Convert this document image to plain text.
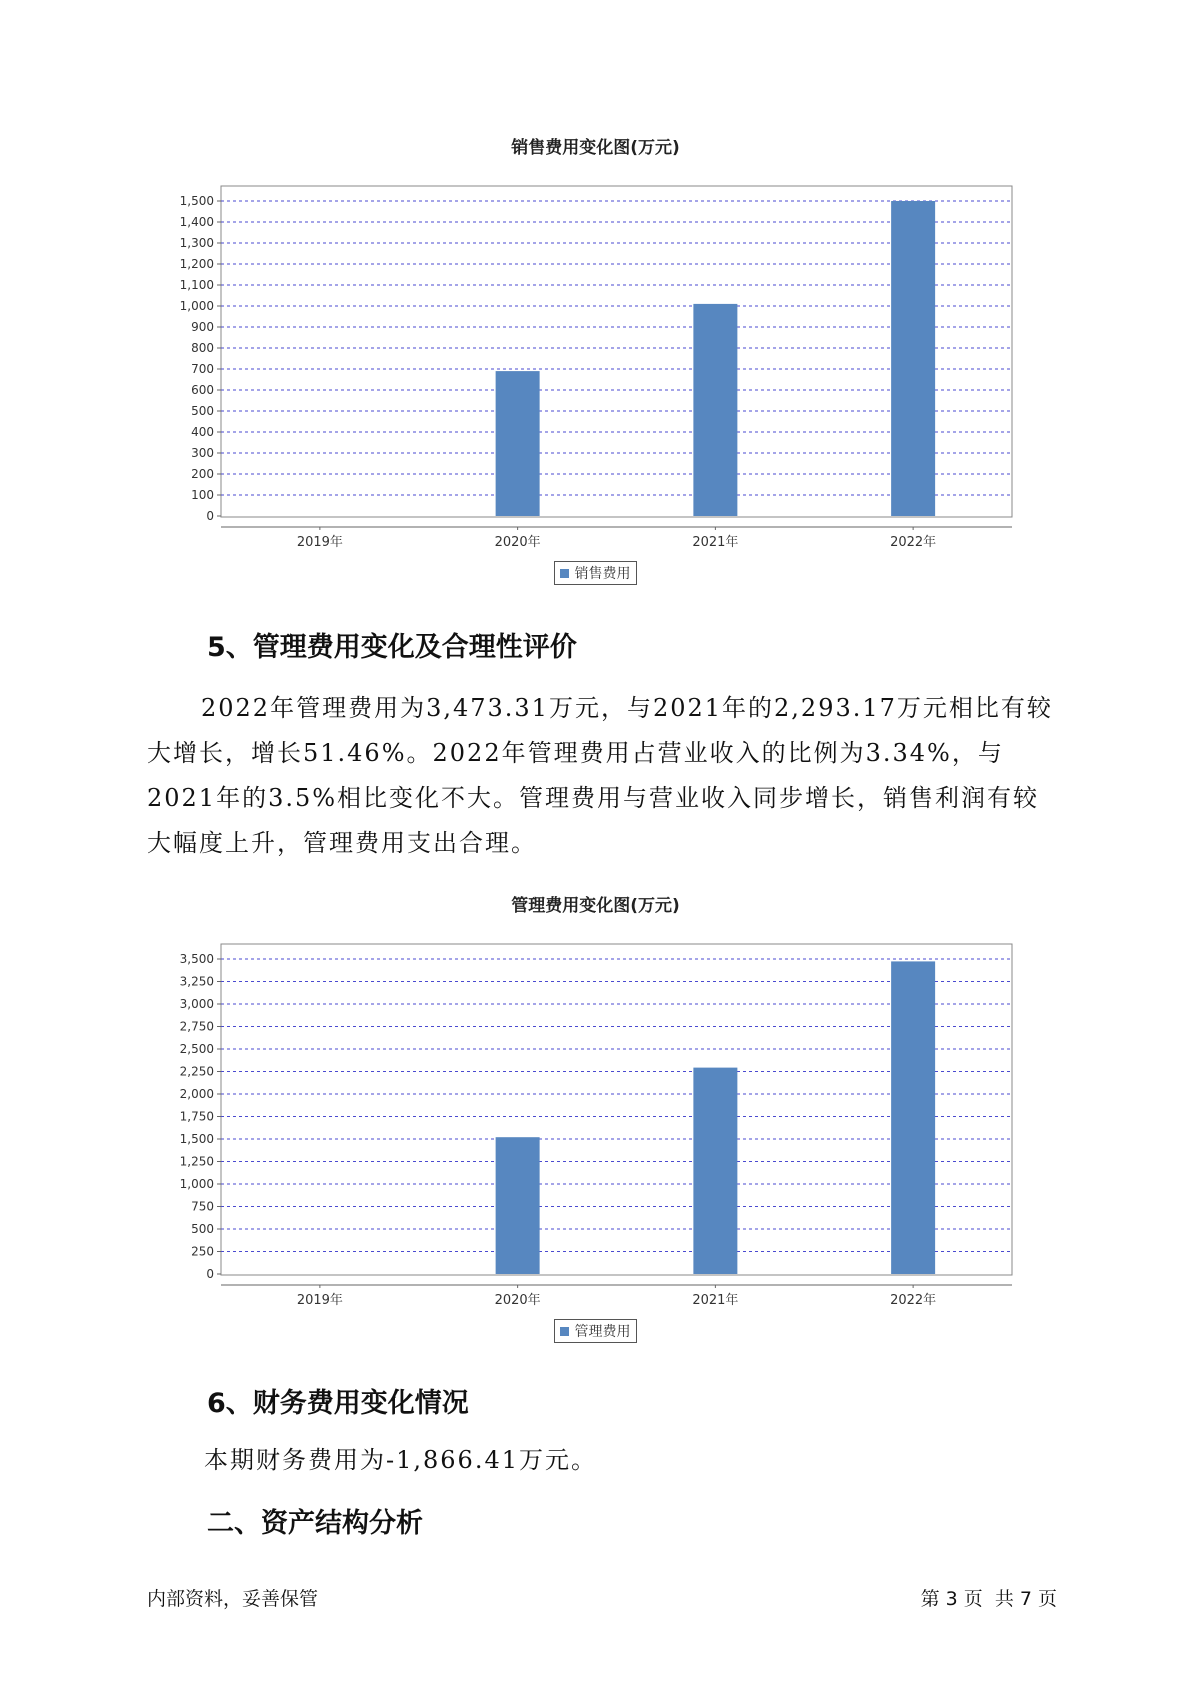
销售费用变化图(万元)
0
100
200
300
400
500
600
700
800
900
1,000
1,100
1,200
1,300
1,400
1,500
2019年	2020年	2021年	2022年
销售费用
5、管理费用变化及合理性评价

2022年管理费用为3,473.31万元，与2021年的2,293.17万元相比有较大增长，增长51.46%。2022年管理费用占营业收入的比例为3.34%，与2021年的3.5%相比变化不大。管理费用与营业收入同步增长，销售利润有较大幅度上升，管理费用支出合理。

管理费用变化图(万元)
0
250
500
750
1,000
1,250
1,500
1,750
2,000
2,250
2,500
2,750
3,000
3,250
3,500
2019年	2020年	2021年	2022年
管理费用
6、财务费用变化情况
本期财务费用为-1,866.41万元。
二、资产结构分析
内部资料，妥善保管	第 3 页  共 7 页
